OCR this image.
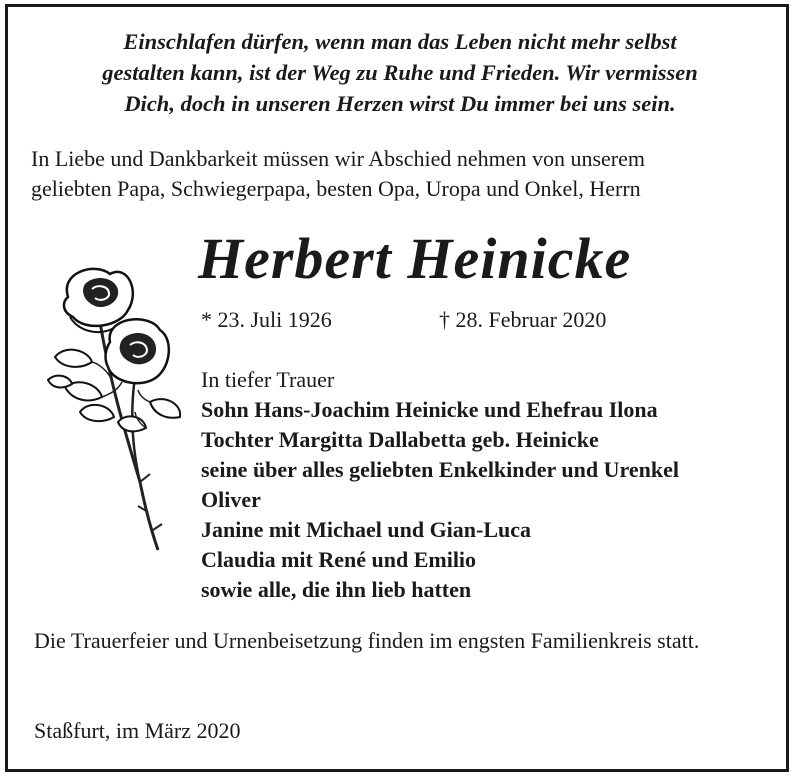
Einschlafen dürfen, wenn man das Leben nicht mehr selbst
gestalten kann, ist der Weg zu Ruhe und Frieden. Wir vermissen
Dich, doch in unseren Herzen wirst Du immer bei uns sein.
In Liebe und Dankbarkeit müssen wir Abschied nehmen von unserem
geliebten Papa, Schwiegerpapa, besten Opa, Uropa und Onkel, Herrn
Herbert Heinicke
* 23. Juli 1926	† 28. Februar 2020
In tiefer Trauer
Sohn Hans-Joachim Heinicke und Ehefrau Ilona
Tochter Margitta Dallabetta geb. Heinicke
seine über alles geliebten Enkelkinder und Urenkel
Oliver
Janine mit Michael und Gian-Luca
Claudia mit René und Emilio
sowie alle, die ihn lieb hatten
Die Trauerfeier und Urnenbeisetzung finden im engsten Familienkreis statt.
Staßfurt, im März 2020
